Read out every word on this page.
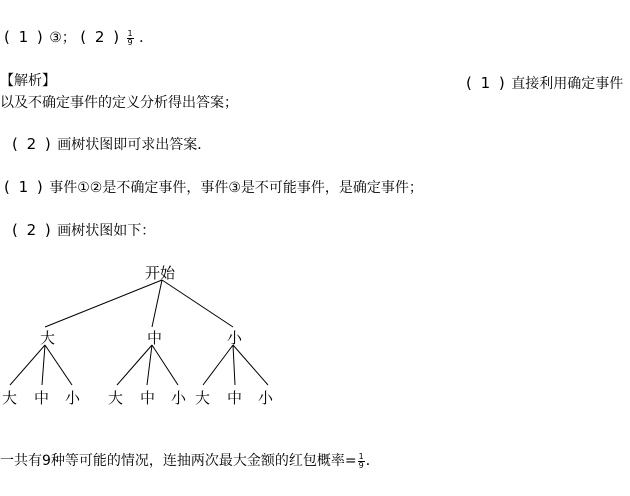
( 1 ) ③； ( 2 ) $\frac{1}{9}$ ．
【解析】	( 1 ) 直接利用确定事件
以及不确定事件的定义分析得出答案；
( 2 ) 画树状图即可求出答案．
( 1 ) 事件①②是不确定事件，事件③是不可能事件，是确定事件；
( 2 ) 画树状图如下：
开始
大	中	小
大 中 小 大 中 小 大 中 小
一共有9种等可能的情况，连抽两次最大金额的红包概率= $\frac{1}{9}$ ．
